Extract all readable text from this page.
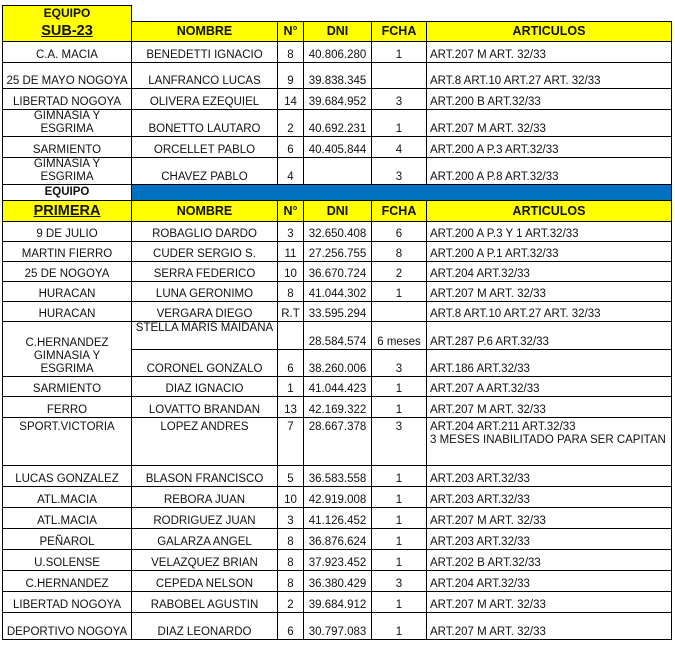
EQUIPO					
SUB-23	NOMBRE	N°	DNI	FCHA	ARTICULOS
C.A. MACIA	BENEDETTI IGNACIO	8	40.806.280	1	ART.207 M ART. 32/33
25 DE MAYO NOGOYA	LANFRANCO LUCAS	9	39.838.345		ART.8 ART.10 ART.27 ART. 32/33
LIBERTAD NOGOYA	OLIVERA EZEQUIEL	14	39.684.952	3	ART.200 B ART.32/33
GIMNASIA Y ESGRIMA	BONETTO LAUTARO	2	40.692.231	1	ART.207 M ART. 32/33
SARMIENTO	ORCELLET PABLO	6	40.405.844	4	ART.200 A P.3 ART.32/33
GIMNASIA Y ESGRIMA	CHAVEZ PABLO	4		3	ART.200 A P.8 ART.32/33
EQUIPO					
PRIMERA	NOMBRE	N°	DNI	FCHA	ARTICULOS
9 DE JULIO	ROBAGLIO DARDO	3	32.650.408	6	ART.200 A P.3 Y 1 ART.32/33
MARTIN FIERRO	CUDER SERGIO S.	11	27.256.755	8	ART.200 A P.1 ART.32/33
25 DE NOGOYA	SERRA FEDERICO	10	36.670.724	2	ART.204 ART.32/33
HURACAN	LUNA GERONIMO	8	41.044.302	1	ART.207 M ART. 32/33
HURACAN	VERGARA DIEGO	R.T	33.595.294		ART.8 ART.10 ART.27 ART. 32/33
C.HERNANDEZ	STELLA MARIS MAIDANA		28.584.574	6 meses	ART.287 P.6 ART.32/33
GIMNASIA Y ESGRIMA	CORONEL GONZALO	6	38.260.006	3	ART.186 ART.32/33
SARMIENTO	DIAZ IGNACIO	1	41.044.423	1	ART.207 A ART.32/33
FERRO	LOVATTO BRANDAN	13	42.169.322	1	ART.207 M ART. 32/33
SPORT.VICTORIA	LOPEZ ANDRES	7	28.667.378	3	ART.204 ART.211 ART.32/33
3 MESES INABILITADO PARA SER CAPITAN

LUCAS GONZALEZ	BLASON FRANCISCO	5	36.583.558	1	ART.203 ART.32/33
ATL.MACIA	REBORA JUAN	10	42.919.008	1	ART.203 ART.32/33
ATL.MACIA	RODRIGUEZ JUAN	3	41.126.452	1	ART.207 M ART. 32/33
PEÑAROL	GALARZA ANGEL	8	36.876.624	1	ART.203 ART.32/33
U.SOLENSE	VELAZQUEZ BRIAN	8	37.923.452	1	ART.202 B ART.32/33
C.HERNANDEZ	CEPEDA NELSON	8	36.380.429	3	ART.204 ART.32/33
LIBERTAD NOGOYA	RABOBEL AGUSTIN	2	39.684.912	1	ART.207 M ART. 32/33
DEPORTIVO NOGOYA	DIAZ LEONARDO	6	30.797.083	1	ART.207 M ART. 32/33
